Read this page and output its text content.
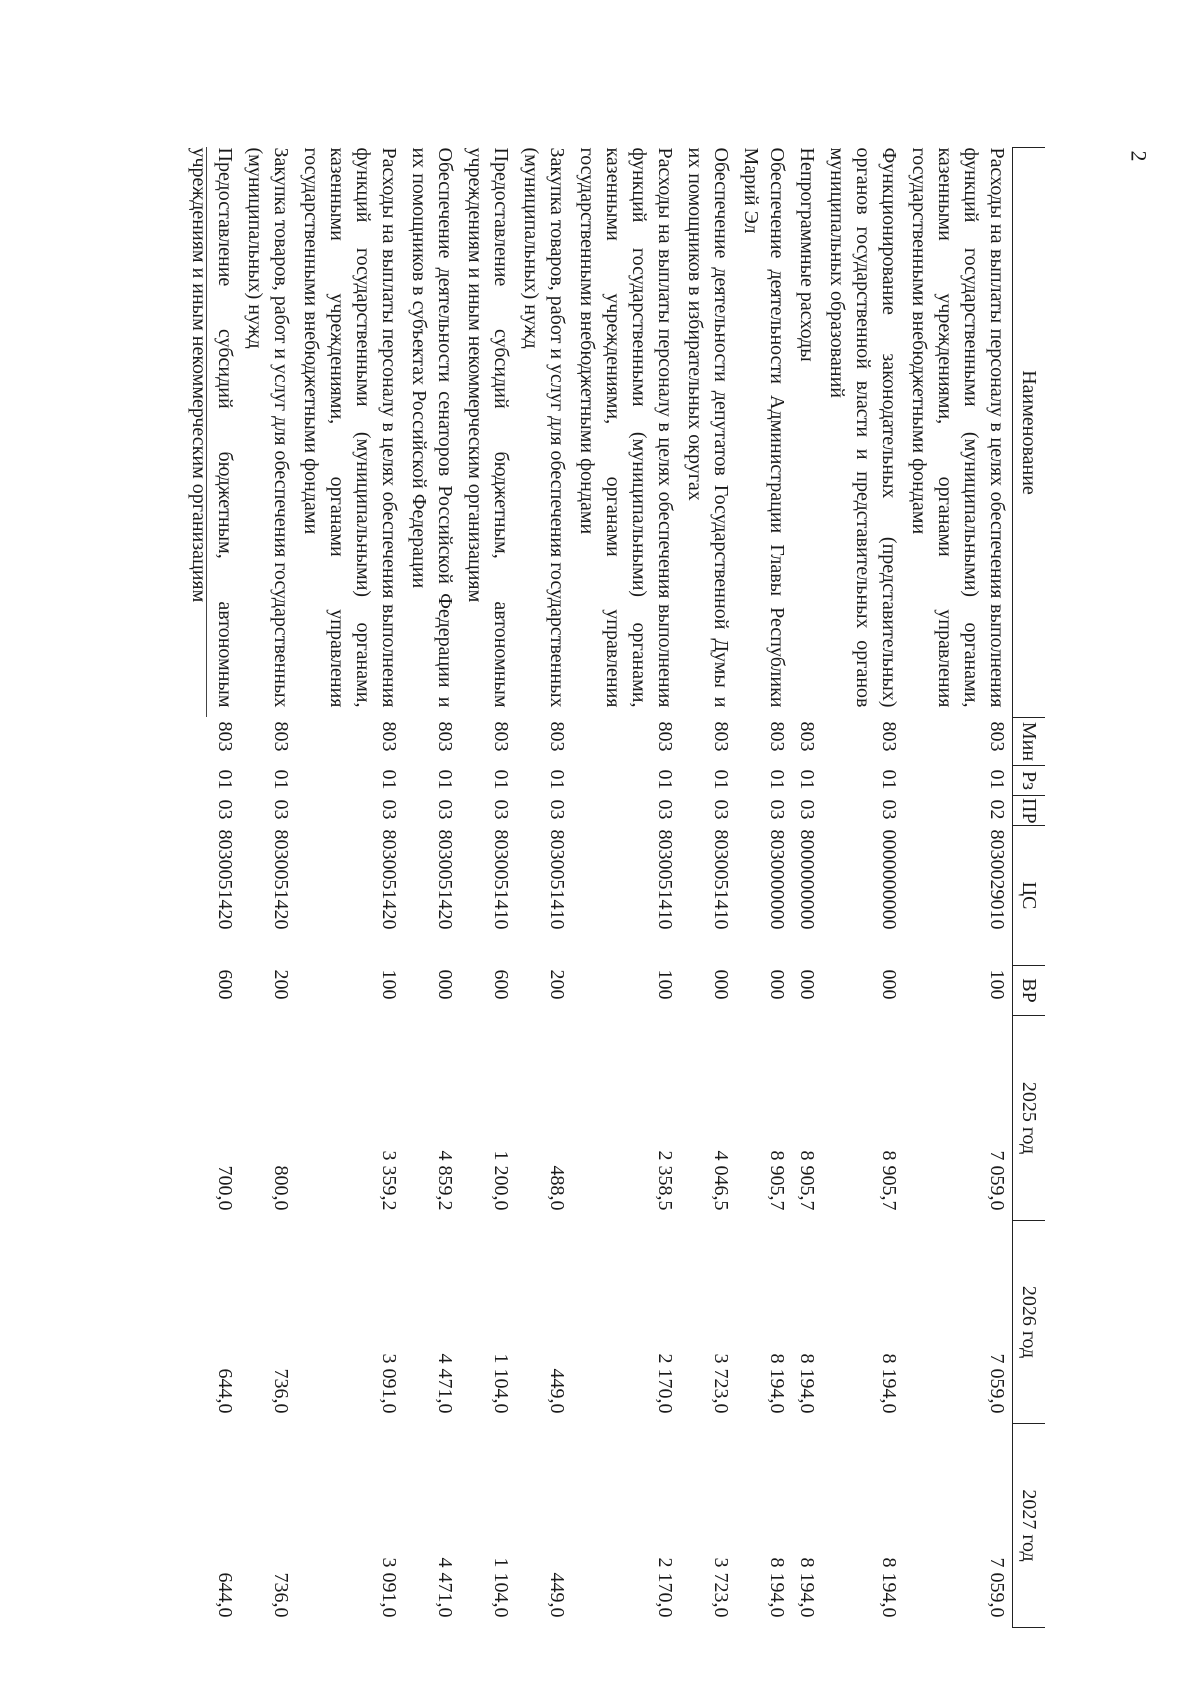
2
Наименование	Мин	Рз	ПР	ЦС	ВР	2025 год	2026 год	2027 год
Расходы на выплаты персоналу в целях обеспечения выполнения функций государственными (муниципальными) органами, казенными учреждениями, органами управления государственными внебюджетными фондами	803	01	02	8030029010	100	7 059,0	7 059,0	7 059,0
Функционирование законодательных (представительных) органов государственной власти и представительных органов муниципальных образований	803	01	03	0000000000	000	8 905,7	8 194,0	8 194,0
Непрограммные расходы	803	01	03	8000000000	000	8 905,7	8 194,0	8 194,0
Обеспечение деятельности Администрации Главы Республики Марий Эл	803	01	03	8030000000	000	8 905,7	8 194,0	8 194,0
Обеспечение деятельности депутатов Государственной Думы и их помощников в избирательных округах	803	01	03	8030051410	000	4 046,5	3 723,0	3 723,0
Расходы на выплаты персоналу в целях обеспечения выполнения функций государственными (муниципальными) органами, казенными учреждениями, органами управления государственными внебюджетными фондами	803	01	03	8030051410	100	2 358,5	2 170,0	2 170,0
Закупка товаров, работ и услуг для обеспечения государственных (муниципальных) нужд	803	01	03	8030051410	200	488,0	449,0	449,0
Предоставление субсидий бюджетным, автономным учреждениям и иным некоммерческим организациям	803	01	03	8030051410	600	1 200,0	1 104,0	1 104,0
Обеспечение деятельности сенаторов Российской Федерации и их помощников в субъектах Российской Федерации	803	01	03	8030051420	000	4 859,2	4 471,0	4 471,0
Расходы на выплаты персоналу в целях обеспечения выполнения функций государственными (муниципальными) органами, казенными учреждениями, органами управления государственными внебюджетными фондами	803	01	03	8030051420	100	3 359,2	3 091,0	3 091,0
Закупка товаров, работ и услуг для обеспечения государственных (муниципальных) нужд	803	01	03	8030051420	200	800,0	736,0	736,0
Предоставление субсидий бюджетным, автономным учреждениям и иным некоммерческим организациям	803	01	03	8030051420	600	700,0	644,0	644,0
